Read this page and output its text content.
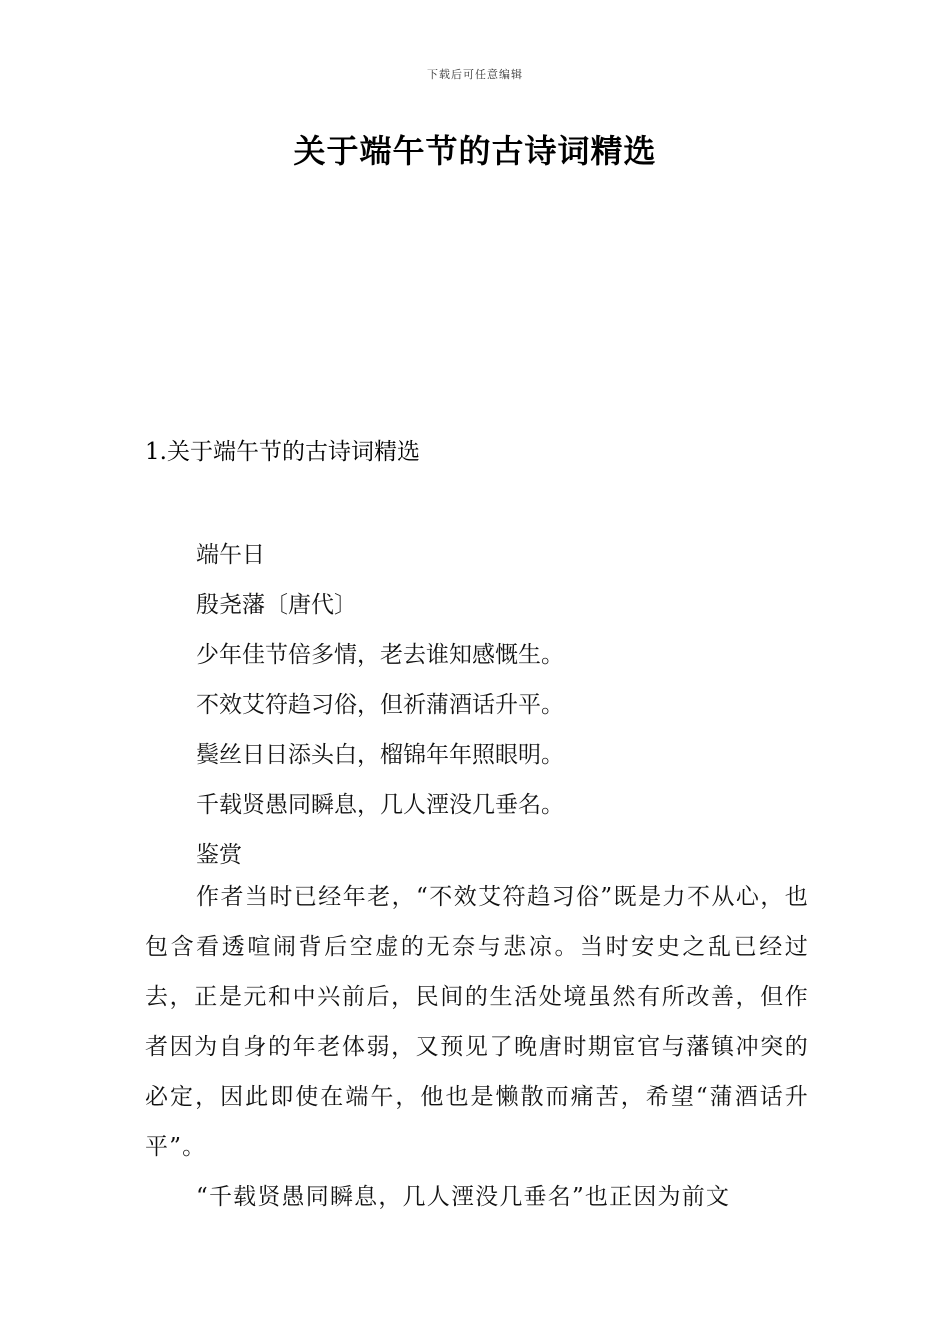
下载后可任意编辑
关于端午节的古诗词精选
1.关于端午节的古诗词精选
端午日
殷尧藩〔唐代〕
少年佳节倍多情，老去谁知感慨生。
不效艾符趋习俗，但祈蒲酒话升平。
鬓丝日日添头白，榴锦年年照眼明。
千载贤愚同瞬息，几人湮没几垂名。
鉴赏
作者当时已经年老，“不效艾符趋习俗”既是力不从心，也包含看透喧闹背后空虚的无奈与悲凉。当时安史之乱已经过去，正是元和中兴前后，民间的生活处境虽然有所改善，但作者因为自身的年老体弱，又预见了晚唐时期宦官与藩镇冲突的必定，因此即使在端午，他也是懒散而痛苦，希望“蒲酒话升平”。
“千载贤愚同瞬息，几人湮没几垂名”也正因为前文
